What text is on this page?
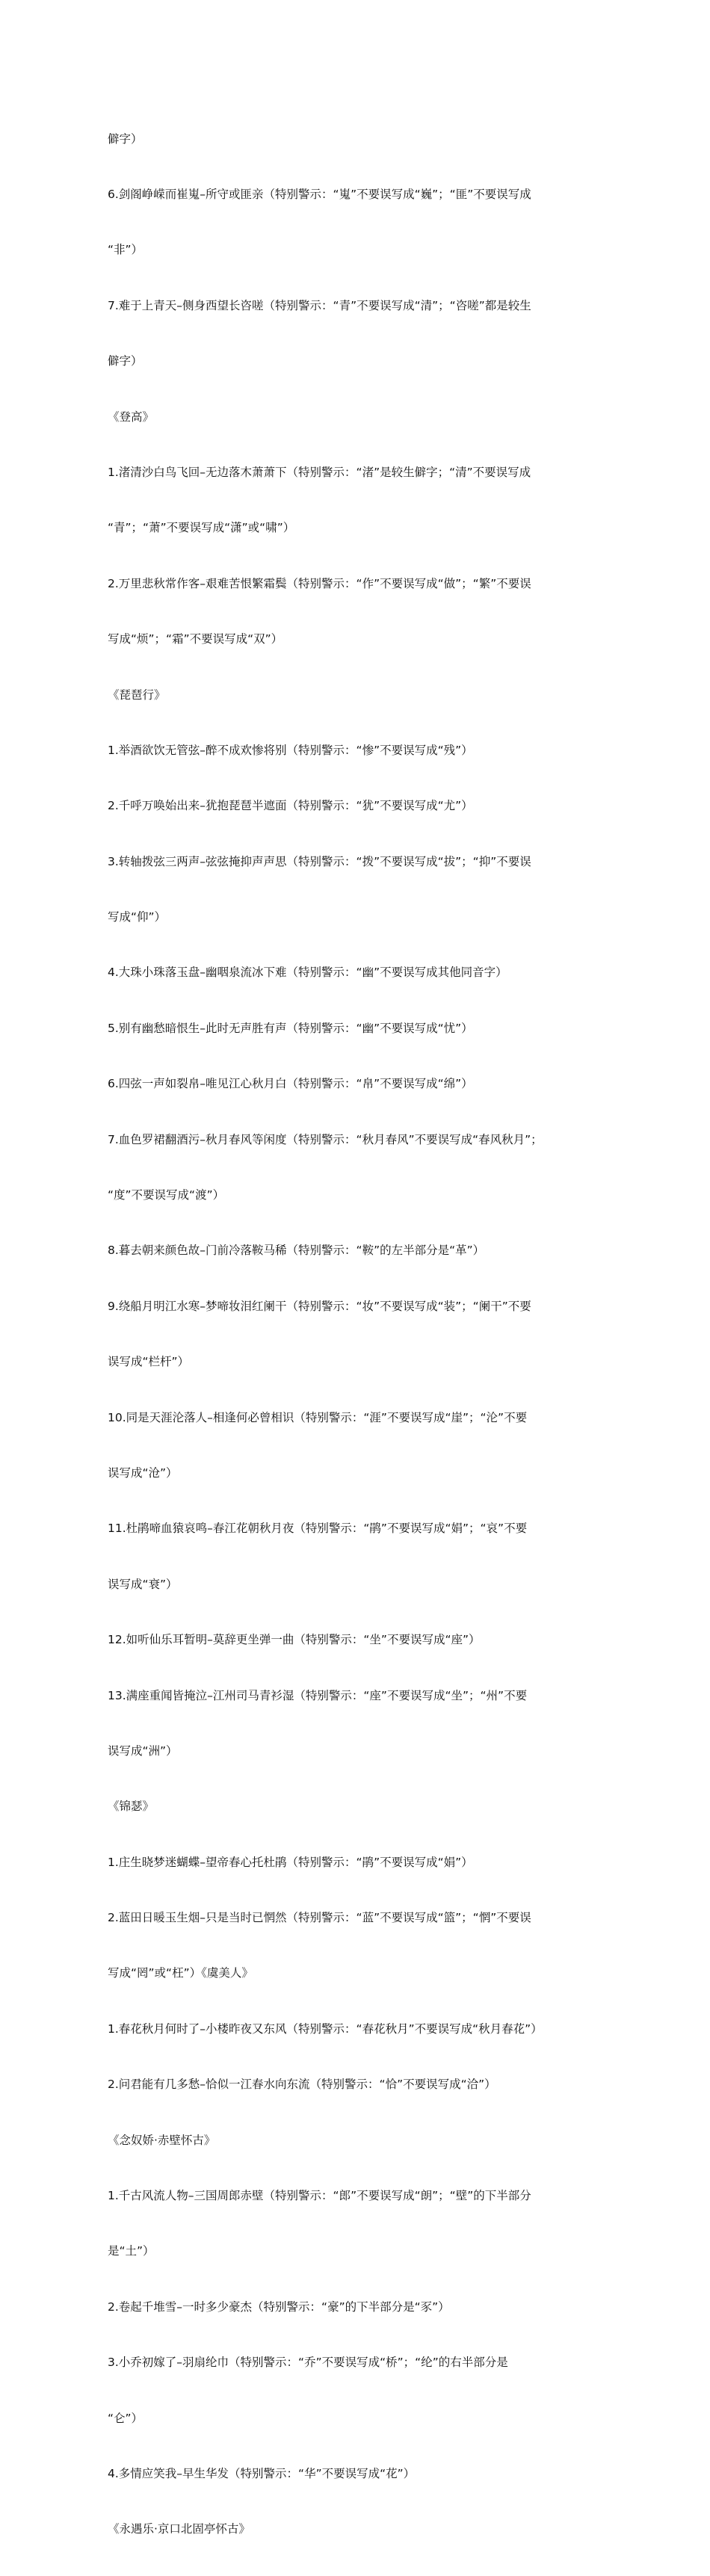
僻字）

6.剑阁峥嵘而崔嵬–所守或匪亲（特别警示：“嵬”不要误写成“巍”；“匪”不要误写成

“非”）

7.难于上青天–侧身西望长咨嗟（特别警示：“青”不要误写成“清”；“咨嗟”都是较生

僻字）

《登高》

1.渚清沙白鸟飞回–无边落木萧萧下（特别警示：“渚”是较生僻字；“清”不要误写成

“青”；“萧”不要误写成“潇”或“啸”）

2.万里悲秋常作客–艰难苦恨繁霜鬓（特别警示：“作”不要误写成“做”；“繁”不要误

写成“烦”；“霜”不要误写成“双”）

《琵琶行》

1.举酒欲饮无管弦–醉不成欢惨将别（特别警示：“惨”不要误写成“残”）

2.千呼万唤始出来–犹抱琵琶半遮面（特别警示：“犹”不要误写成“尤”）

3.转轴拨弦三两声–弦弦掩抑声声思（特别警示：“拨”不要误写成“拔”；“抑”不要误

写成“仰”）

4.大珠小珠落玉盘–幽咽泉流冰下难（特别警示：“幽”不要误写成其他同音字）

5.别有幽愁暗恨生–此时无声胜有声（特别警示：“幽”不要误写成“忧”）

6.四弦一声如裂帛–唯见江心秋月白（特别警示：“帛”不要误写成“绵”）

7.血色罗裙翻酒污–秋月春风等闲度（特别警示：“秋月春风”不要误写成“春风秋月”；

“度”不要误写成“渡”）

8.暮去朝来颜色故–门前冷落鞍马稀（特别警示：“鞍”的左半部分是“革”）

9.绕船月明江水寒–梦啼妆泪红阑干（特别警示：“妆”不要误写成“装”；“阑干”不要

误写成“栏杆”）

10.同是天涯沦落人–相逢何必曾相识（特别警示：“涯”不要误写成“崖”；“沦”不要

误写成“沧”）

11.杜鹃啼血猿哀鸣–春江花朝秋月夜（特别警示：“鹃”不要误写成“娟”；“哀”不要

误写成“衰”）

12.如听仙乐耳暂明–莫辞更坐弹一曲（特别警示：“坐”不要误写成“座”）

13.满座重闻皆掩泣–江州司马青衫湿（特别警示：“座”不要误写成“坐”；“州”不要

误写成“洲”）

《锦瑟》

1.庄生晓梦迷蝴蝶–望帝春心托杜鹃（特别警示：“鹃”不要误写成“娟”）

2.蓝田日暖玉生烟–只是当时已惘然（特别警示：“蓝”不要误写成“篮”；“惘”不要误

写成“罔”或“枉”）《虞美人》

1.春花秋月何时了–小楼昨夜又东风（特别警示：“春花秋月”不要误写成“秋月春花”）

2.问君能有几多愁–恰似一江春水向东流（特别警示：“恰”不要误写成“洽”）

《念奴娇·赤壁怀古》

1.千古风流人物–三国周郎赤壁（特别警示：“郎”不要误写成“朗”；“壁”的下半部分

是“土”）

2.卷起千堆雪–一时多少豪杰（特别警示：“豪”的下半部分是“豕”）

3.小乔初嫁了–羽扇纶巾（特别警示：“乔”不要误写成“桥”；“纶”的右半部分是

“仑”）

4.多情应笑我–早生华发（特别警示：“华”不要误写成“花”）

《永遇乐·京口北固亭怀古》
